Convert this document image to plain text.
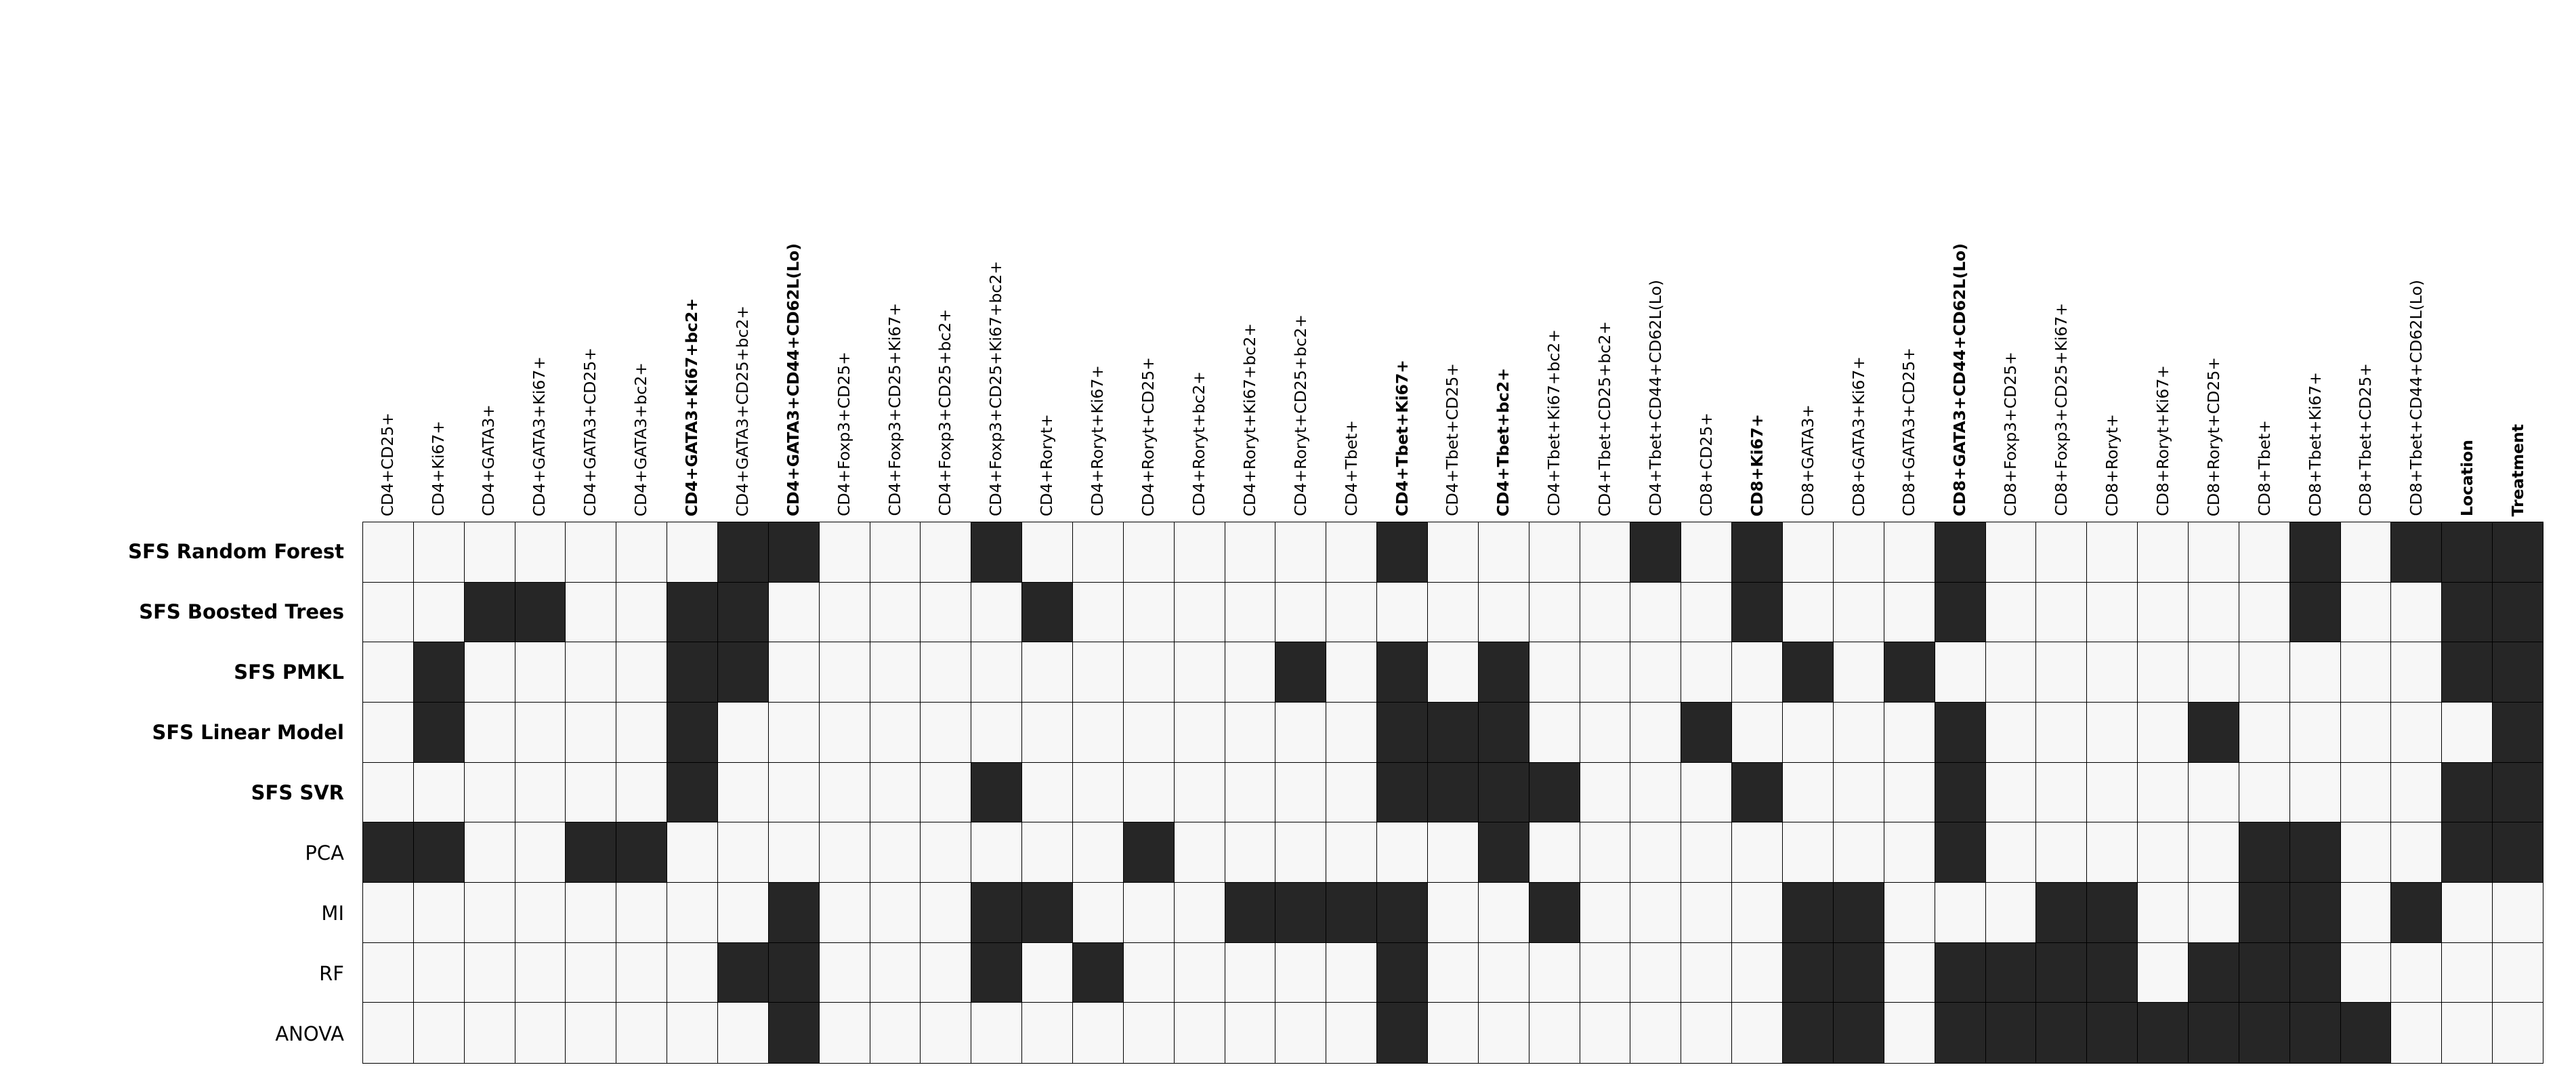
CD4+CD25+ CD4+Ki67+ CD4+GATA3+ CD4+GATA3+Ki67+ CD4+GATA3+CD25+ CD4+GATA3+bc2+ CD4+GATA3+Ki67+bc2+ CD4+GATA3+CD25+bc2+ CD4+GATA3+CD44+CD62L(Lo) CD4+Foxp3+CD25+ CD4+Foxp3+CD25+Ki67+ CD4+Foxp3+CD25+bc2+ CD4+Foxp3+CD25+Ki67+bc2+ CD4+Roryt+ CD4+Roryt+Ki67+ CD4+Roryt+CD25+ CD4+Roryt+bc2+ CD4+Roryt+Ki67+bc2+ CD4+Roryt+CD25+bc2+ CD4+Tbet+ CD4+Tbet+Ki67+ CD4+Tbet+CD25+ CD4+Tbet+bc2+ CD4+Tbet+Ki67+bc2+ CD4+Tbet+CD25+bc2+ CD4+Tbet+CD44+CD62L(Lo) CD8+CD25+ CD8+Ki67+ CD8+GATA3+ CD8+GATA3+Ki67+ CD8+GATA3+CD25+ CD8+GATA3+CD44+CD62L(Lo) CD8+Foxp3+CD25+ CD8+Foxp3+CD25+Ki67+ CD8+Roryt+ CD8+Roryt+Ki67+ CD8+Roryt+CD25+ CD8+Tbet+ CD8+Tbet+Ki67+ CD8+Tbet+CD25+ CD8+Tbet+CD44+CD62L(Lo) Location Treatment
SFS Random Forest
SFS Boosted Trees
SFS PMKL
SFS Linear Model
SFS SVR
PCA
MI
RF
ANOVA
